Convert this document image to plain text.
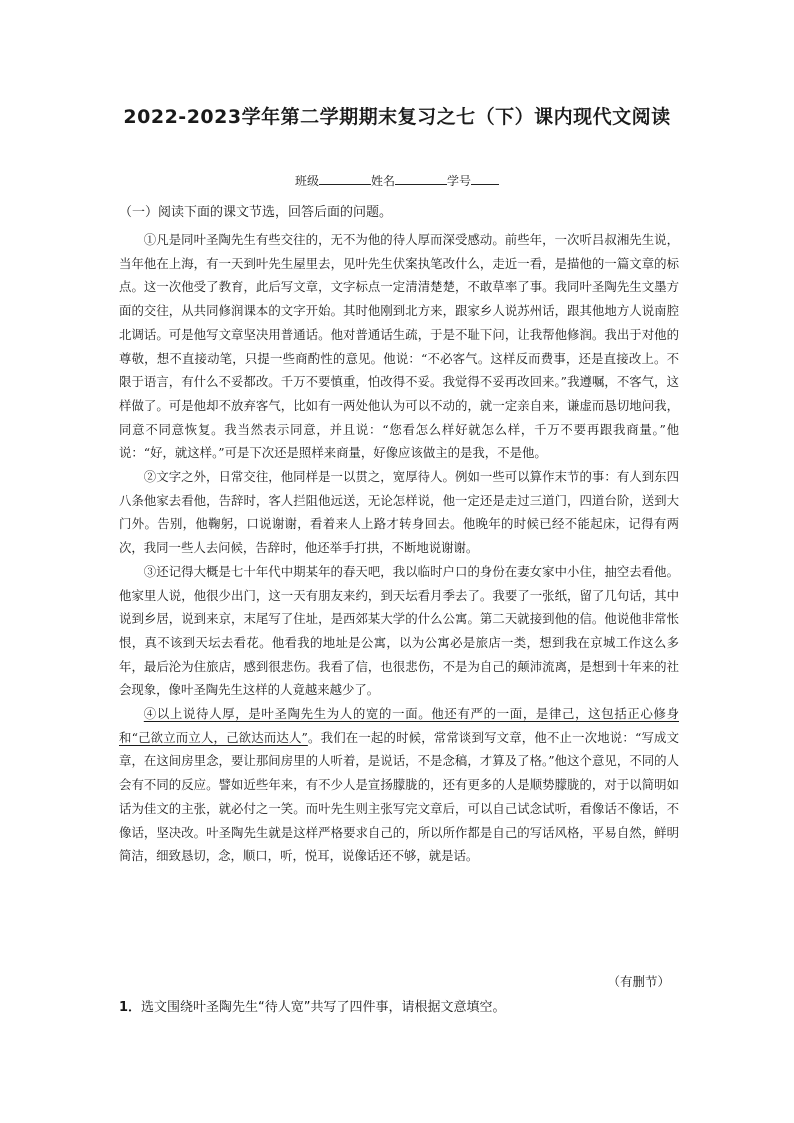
2022-2023学年第二学期期末复习之七（下）课内现代文阅读
班级	姓名	学号
（一）阅读下面的课文节选，回答后面的问题。

①凡是同叶圣陶先生有些交往的，无不为他的待人厚而深受感动。前些年，一次听吕叔湘先生说，当年他在上海，有一天到叶先生屋里去，见叶先生伏案执笔改什么，走近一看，是描他的一篇文章的标点。这一次他受了教育，此后写文章，文字标点一定清清楚楚，不敢草率了事。我同叶圣陶先生文墨方面的交往，从共同修润课本的文字开始。其时他刚到北方来，跟家乡人说苏州话，跟其他地方人说南腔北调话。可是他写文章坚决用普通话。他对普通话生疏，于是不耻下问，让我帮他修润。我出于对他的尊敬，想不直接动笔，只提一些商酌性的意见。他说：“不必客气。这样反而费事，还是直接改上。不限于语言，有什么不妥都改。千万不要慎重，怕改得不妥。我觉得不妥再改回来。”我遵嘱，不客气，这样做了。可是他却不放弃客气，比如有一两处他认为可以不动的，就一定亲自来，谦虚而恳切地问我，同意不同意恢复。我当然表示同意，并且说：“您看怎么样好就怎么样，千万不要再跟我商量。”他说：“好，就这样。”可是下次还是照样来商量，好像应该做主的是我，不是他。

②文字之外，日常交往，他同样是一以贯之，宽厚待人。例如一些可以算作末节的事：有人到东四八条他家去看他，告辞时，客人拦阻他远送，无论怎样说，他一定还是走过三道门，四道台阶，送到大门外。告别，他鞠躬，口说谢谢，看着来人上路才转身回去。他晚年的时候已经不能起床，记得有两次，我同一些人去问候，告辞时，他还举手打拱，不断地说谢谢。

③还记得大概是七十年代中期某年的春天吧，我以临时户口的身份在妻女家中小住，抽空去看他。他家里人说，他很少出门，这一天有朋友来约，到天坛看月季去了。我要了一张纸，留了几句话，其中说到乡居，说到来京，末尾写了住址，是西郊某大学的什么公寓。第二天就接到他的信。他说他非常怅恨，真不该到天坛去看花。他看我的地址是公寓，以为公寓必是旅店一类，想到我在京城工作这么多年，最后沦为住旅店，感到很悲伤。我看了信，也很悲伤，不是为自己的颠沛流离，是想到十年来的社会现象，像叶圣陶先生这样的人竟越来越少了。

④以上说待人厚，是叶圣陶先生为人的宽的一面。他还有严的一面，是律己，这包括正心修身和“己欲立而立人，己欲达而达人”。我们在一起的时候，常常谈到写文章，他不止一次地说：“写成文章，在这间房里念，要让那间房里的人听着，是说话，不是念稿，才算及了格。”他这个意见，不同的人会有不同的反应。譬如近些年来，有不少人是宣扬朦胧的，还有更多的人是顺势朦胧的，对于以简明如话为佳文的主张，就必付之一笑。而叶先生则主张写完文章后，可以自己试念试听，看像话不像话，不像话，坚决改。叶圣陶先生就是这样严格要求自己的，所以所作都是自己的写话风格，平易自然，鲜明简洁，细致恳切，念，顺口，听，悦耳，说像话还不够，就是话。

（有删节）
1．选文围绕叶圣陶先生“待人宽”共写了四件事，请根据文意填空。
